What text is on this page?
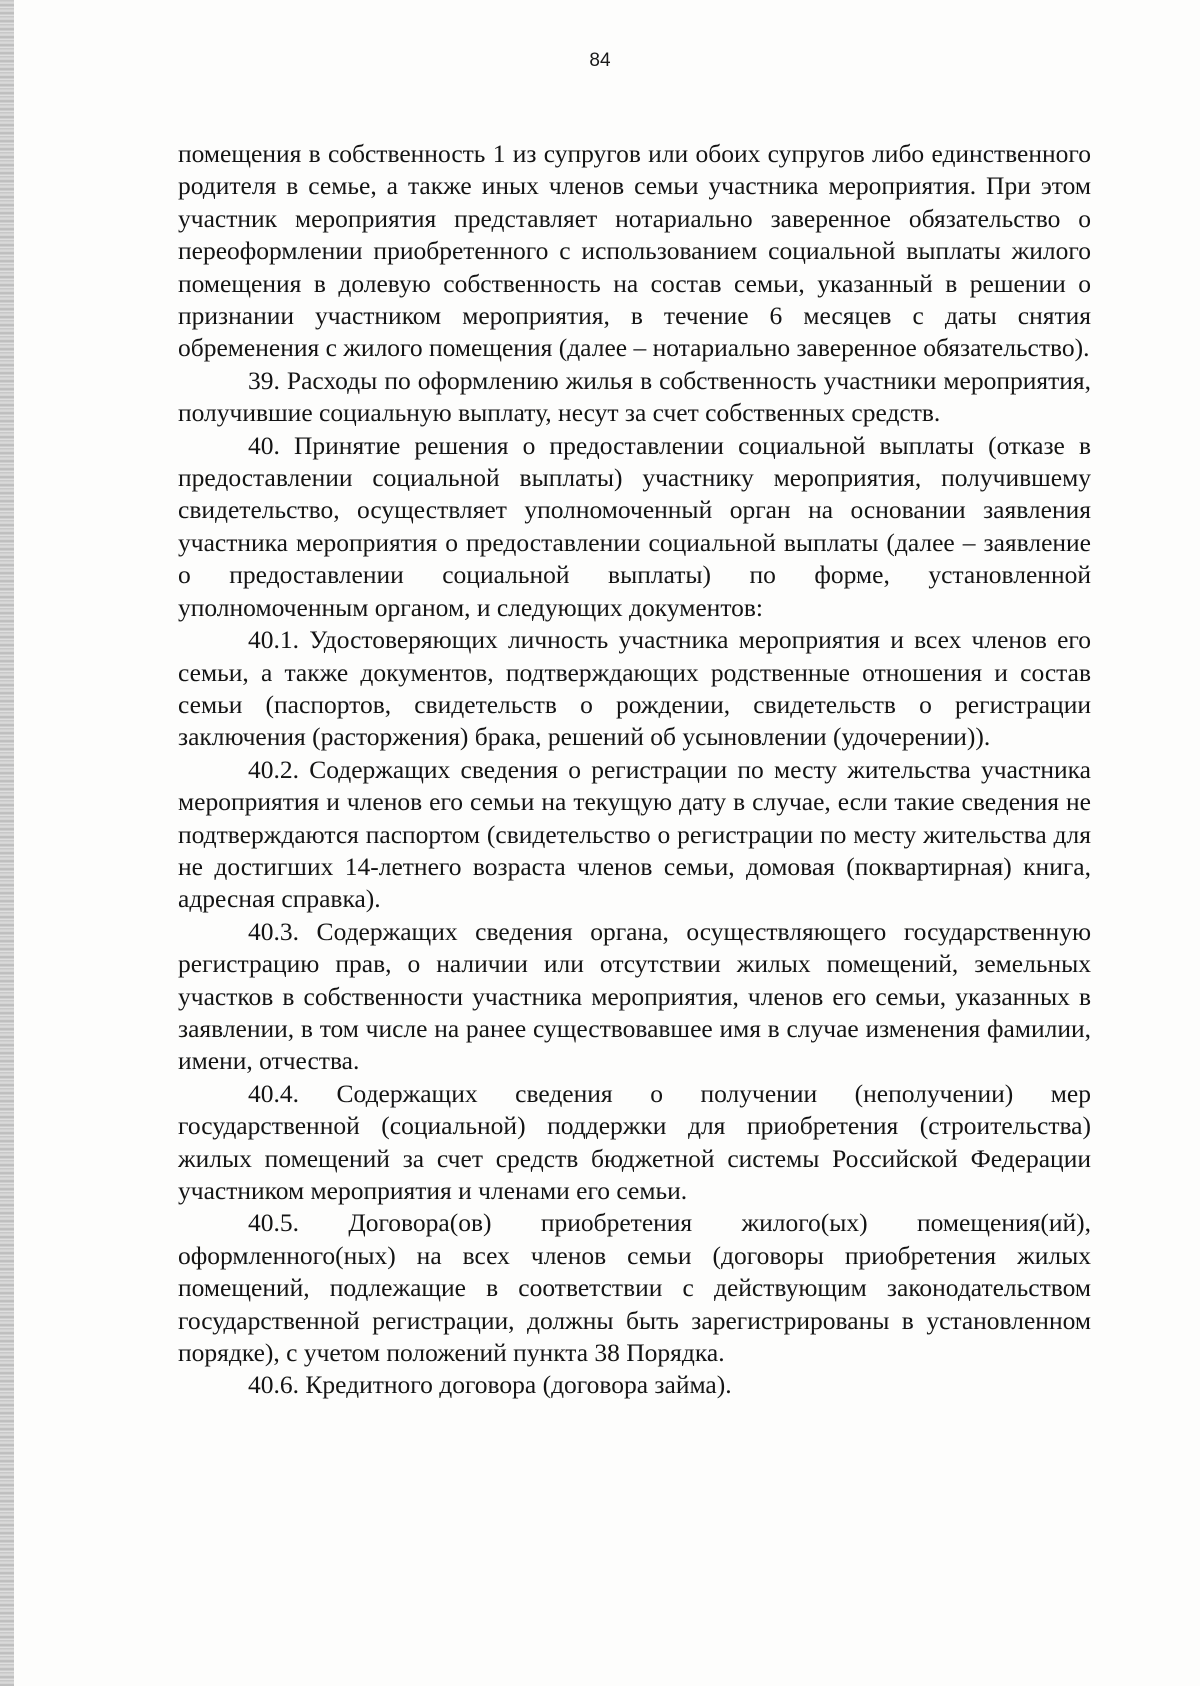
84

помещения в собственность 1 из супругов или обоих супругов либо единственного родителя в семье, а также иных членов семьи участника мероприятия. При этом участник мероприятия представляет нотариально заверенное обязательство о переоформлении приобретенного с использованием социальной выплаты жилого помещения в долевую собственность на состав семьи, указанный в решении о признании участником мероприятия, в течение 6 месяцев с даты снятия обременения с жилого помещения (далее – нотариально заверенное обязательство).

39. Расходы по оформлению жилья в собственность участники мероприятия, получившие социальную выплату, несут за счет собственных средств.

40. Принятие решения о предоставлении социальной выплаты (отказе в предоставлении социальной выплаты) участнику мероприятия, получившему свидетельство, осуществляет уполномоченный орган на основании заявления участника мероприятия о предоставлении социальной выплаты (далее – заявление о предоставлении социальной выплаты) по форме, установленной уполномоченным органом, и следующих документов:

40.1. Удостоверяющих личность участника мероприятия и всех членов его семьи, а также документов, подтверждающих родственные отношения и состав семьи (паспортов, свидетельств о рождении, свидетельств о регистрации заключения (расторжения) брака, решений об усыновлении (удочерении)).

40.2. Содержащих сведения о регистрации по месту жительства участника мероприятия и членов его семьи на текущую дату в случае, если такие сведения не подтверждаются паспортом (свидетельство о регистрации по месту жительства для не достигших 14-летнего возраста членов семьи, домовая (поквартирная) книга, адресная справка).

40.3. Содержащих сведения органа, осуществляющего государственную регистрацию прав, о наличии или отсутствии жилых помещений, земельных участков в собственности участника мероприятия, членов его семьи, указанных в заявлении, в том числе на ранее существовавшее имя в случае изменения фамилии, имени, отчества.

40.4. Содержащих сведения о получении (неполучении) мер государственной (социальной) поддержки для приобретения (строительства) жилых помещений за счет средств бюджетной системы Российской Федерации участником мероприятия и членами его семьи.

40.5. Договора(ов) приобретения жилого(ых) помещения(ий), оформленного(ных) на всех членов семьи (договоры приобретения жилых помещений, подлежащие в соответствии с действующим законодательством государственной регистрации, должны быть зарегистрированы в установленном порядке), с учетом положений пункта 38 Порядка.

40.6. Кредитного договора (договора займа).
